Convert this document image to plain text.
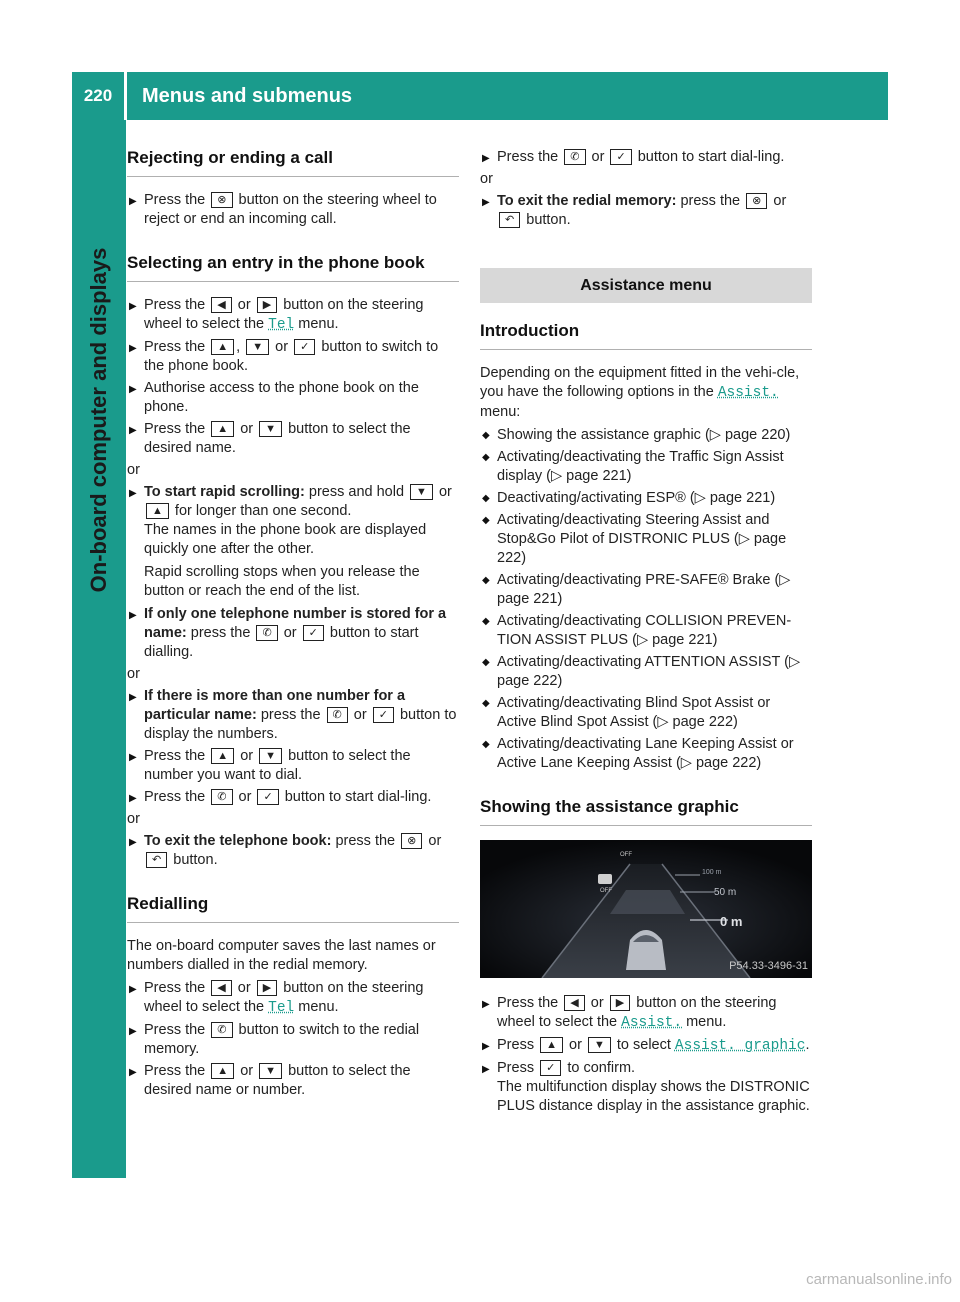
220	Menus and submenus
On-board computer and displays
Rejecting or ending a call
▶ Press the ⊗ button on the steering wheel to reject or end an incoming call.
Selecting an entry in the phone book
▶ Press the ◀ or ▶ button on the steering wheel to select the Tel menu.
▶ Press the ▲ , ▼ or ✓ button to switch to the phone book.
▶ Authorise access to the phone book on the phone.
▶ Press the ▲ or ▼ button to select the desired name.
or
▶ To start rapid scrolling: press and hold ▼ or ▲ for longer than one second.

The names in the phone book are displayed quickly one after the other.

Rapid scrolling stops when you release the button or reach the end of the list.

▶ If only one telephone number is stored for a name: press the ✆ or ✓ button to start dialling.
or
▶ If there is more than one number for a particular name: press the ✆ or ✓ button to display the numbers.
▶ Press the ▲ or ▼ button to select the number you want to dial.
▶ Press the ✆ or ✓ button to start dial-ling.
or
▶ To exit the telephone book: press the ⊗ or ↶ button.
Redialling

The on-board computer saves the last names or numbers dialled in the redial memory.

▶ Press the ◀ or ▶ button on the steering wheel to select the Tel menu.
▶ Press the ✆ button to switch to the redial memory.
▶ Press the ▲ or ▼ button to select the desired name or number.
▶ Press the ✆ or ✓ button to start dial-ling.
or
▶ To exit the redial memory: press the ⊗ or ↶ button.
Assistance menu
Introduction

Depending on the equipment fitted in the vehi-cle, you have the following options in the Assist. menu:

◆ Showing the assistance graphic (▷ page 220)
◆ Activating/deactivating the Traffic Sign Assist display (▷ page 221)
◆ Deactivating/activating ESP® (▷ page 221)
◆ Activating/deactivating Steering Assist and Stop&Go Pilot of DISTRONIC PLUS (▷ page 222)
◆ Activating/deactivating PRE-SAFE® Brake (▷ page 221)
◆ Activating/deactivating COLLISION PREVEN-TION ASSIST PLUS (▷ page 221)
◆ Activating/deactivating ATTENTION ASSIST (▷ page 222)
◆ Activating/deactivating Blind Spot Assist or Active Blind Spot Assist (▷ page 222)
◆ Activating/deactivating Lane Keeping Assist or Active Lane Keeping Assist (▷ page 222)
Showing the assistance graphic
100 m
50 m
0 m
OFF
OFF
P54.33-3496-31
▶ Press the ◀ or ▶ button on the steering wheel to select the Assist. menu.
▶ Press ▲ or ▼ to select Assist. graphic.
▶ Press ✓ to confirm.

The multifunction display shows the DISTRONIC PLUS distance display in the assistance graphic.

carmanualsonline.info
